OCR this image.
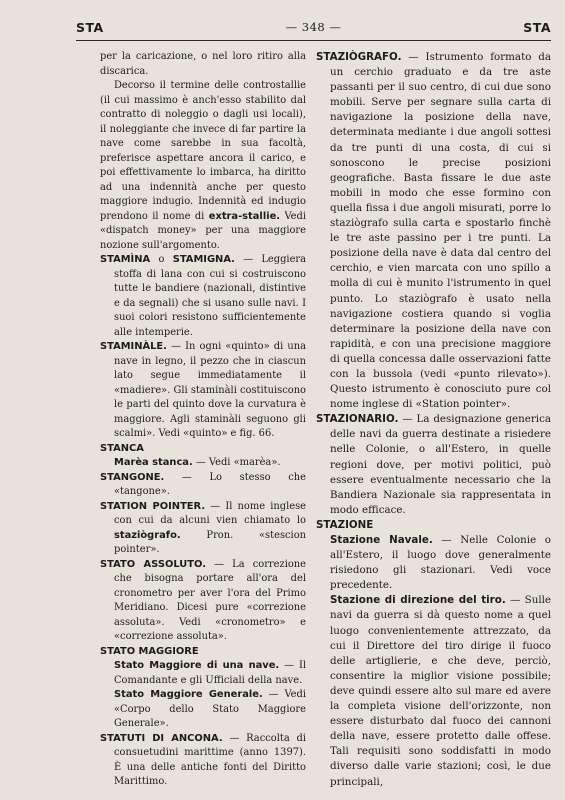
STA	— 348 —	STA

per la caricazione, o nel loro ritiro alla discarica.

Decorso il termine delle controstallie (il cui massimo è anch'esso stabilito dal contratto di noleggio o dagli usi locali), il noleggiante che invece di far partire la nave come sarebbe in sua facoltà, preferisce aspettare ancora il carico, e poi effettivamente lo imbarca, ha diritto ad una indennità anche per questo maggiore indugio. Indennità ed indugio prendono il nome di extra-stallie. Vedi «dispatch money» per una maggiore nozione sull'argomento.

STAMÌNA o STAMIGNA. — Leggiera stoffa di lana con cui si costruiscono tutte le bandiere (nazionali, distintive e da segnali) che si usano sulle navi. I suoi colori resistono sufficientemente alle intemperie.

STAMINÀLE. — In ogni «quinto» di una nave in legno, il pezzo che in ciascun lato segue immediatamente il «madiere». Gli staminàli costituiscono le parti del quinto dove la curvatura è maggiore. Agli staminàli seguono gli scalmi». Vedi «quinto» e fig. 66.

STANCA

Marèa stanca. — Vedi «marèa».

STANGONE. — Lo stesso che «tangone».

STATION POINTER. — Il nome inglese con cui da alcuni vien chiamato lo staziògrafo.	Pron. «stescion pointer».

STATO ASSOLUTO. — La correzione che bisogna portare all'ora del cronometro per aver l'ora del Primo Meridiano. Dicesi pure «correzione assoluta». Vedi «cronometro» e «correzione assoluta».

STATO MAGGIORE

Stato Maggiore di una nave. — Il Comandante e gli Ufficiali della nave.

Stato Maggiore Generale. — Vedi «Corpo dello Stato Maggiore Generale».

STATUTI DI ANCONA. — Raccolta di consuetudini marittime (anno 1397). È una delle antiche fonti del Diritto Marittimo.

STAZIÒGRAFO. — Istrumento formato da un cerchio graduato e da tre aste passanti per il suo centro, di cui due sono mobili. Serve per segnare sulla carta di navigazione la posizione della nave, determinata mediante i due angoli sottesi da tre punti di una costa, di cui si sonoscono le precise posizioni geografiche. Basta fissare le due aste mobili in modo che esse formino con quella fissa i due angoli misurati, porre lo staziògrafo sulla carta e spostarlo finchè le tre aste passino per i tre punti. La posizione della nave è data dal centro del cerchio, e vien marcata con uno spillo a molla di cui è munito l'istrumento in quel punto. Lo staziògrafo è usato nella navigazione costiera quando si voglia determinare la posizione della nave con rapidità, e con una precisione maggiore di quella concessa dalle osservazioni fatte con la bussola (vedi «punto rilevato»). Questo istrumento è conosciuto pure col nome inglese di «Station pointer».

STAZIONARIO. — La designazione generica delle navi da guerra destinate a risiedere nelle Colonie, o all'Estero, in quelle regioni dove, per motivi politici, può essere eventualmente necessario che la Bandiera Nazionale sia rappresentata in modo efficace.

STAZIONE

Stazione Navale. — Nelle Colonie o all'Estero, il luogo dove generalmente risiedono gli stazionari. Vedi voce precedente.

Stazione di direzione del tiro. — Sulle navi da guerra si dà questo nome a quel luogo convenientemente attrezzato, da cui il Direttore del tiro dirige il fuoco delle artiglierie, e che deve, perciò, consentire la miglior visione possibile; deve quindi essere alto sul mare ed avere la completa visione dell'orizzonte, non essere disturbato dal fuoco dei cannoni della nave, essere protetto dalle offese. Tali requisiti sono soddisfatti in modo diverso dalle varie stazioni; così, le due principali,
